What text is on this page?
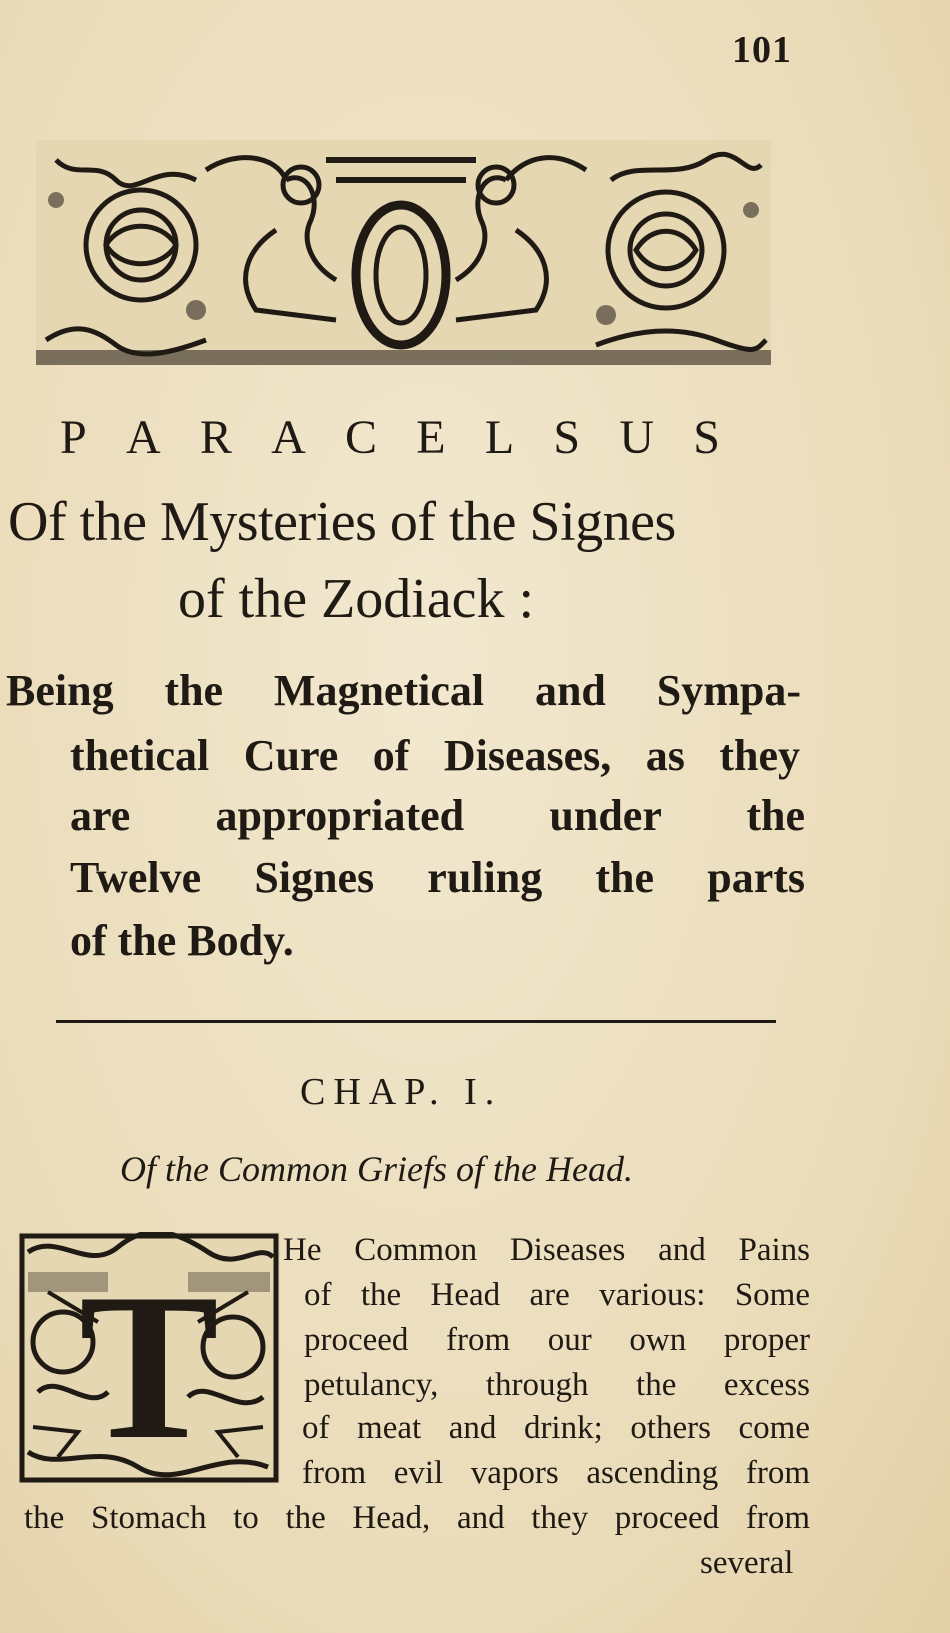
101
P A R A C E L S U S
Of the Mysteries of the Signes
of the Zodiack :
Being the Magnetical and Sympa-
thetical Cure of Diseases, as they
are appropriated under the
Twelve Signes ruling the parts
of the Body.
CHAP. I.
Of the Common Griefs of the Head.
T
He Common Diseases and Pains
of the Head are various: Some
proceed from our own proper
petulancy, through the excess
of meat and drink; others come
from evil vapors ascending from
the Stomach to the Head, and they proceed from
several
